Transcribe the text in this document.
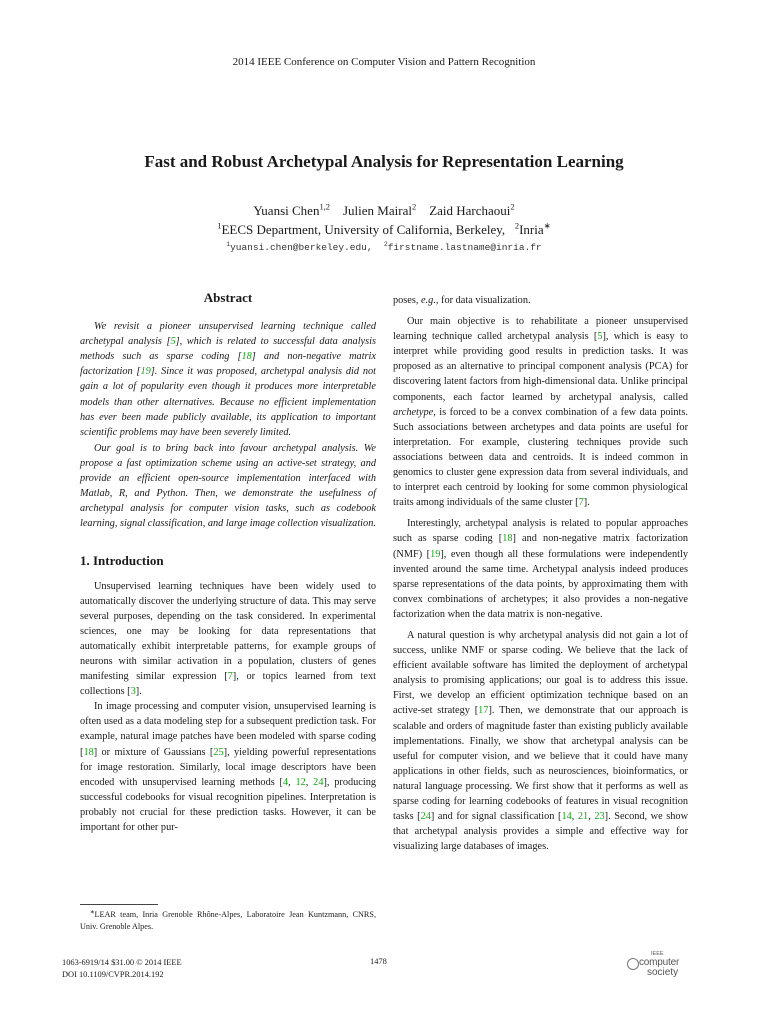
2014 IEEE Conference on Computer Vision and Pattern Recognition
Fast and Robust Archetypal Analysis for Representation Learning
Yuansi Chen$^{1,2}$ Julien Mairal$^2$ Zaid Harchaoui$^2$
$^1$EECS Department, University of California, Berkeley, $^2$Inria∗
$^1$yuansi.chen@berkeley.edu, $^2$firstname.lastname@inria.fr
Abstract

We revisit a pioneer unsupervised learning technique called archetypal analysis [5], which is related to successful data analysis methods such as sparse coding [18] and non-negative matrix factorization [19]. Since it was proposed, archetypal analysis did not gain a lot of popularity even though it produces more interpretable models than other alternatives. Because no efficient implementation has ever been made publicly available, its application to important scientific problems may have been severely limited.

Our goal is to bring back into favour archetypal analysis. We propose a fast optimization scheme using an active-set strategy, and provide an efficient open-source implementation interfaced with Matlab, R, and Python. Then, we demonstrate the usefulness of archetypal analysis for computer vision tasks, such as codebook learning, signal classification, and large image collection visualization.

1. Introduction

Unsupervised learning techniques have been widely used to automatically discover the underlying structure of data. This may serve several purposes, depending on the task considered. In experimental sciences, one may be looking for data representations that automatically exhibit interpretable patterns, for example groups of neurons with similar activation in a population, clusters of genes manifesting similar expression [7], or topics learned from text collections [3].

In image processing and computer vision, unsupervised learning is often used as a data modeling step for a subsequent prediction task. For example, natural image patches have been modeled with sparse coding [18] or mixture of Gaussians [25], yielding powerful representations for image restoration. Similarly, local image descriptors have been encoded with unsupervised learning methods [4, 12, 24], producing successful codebooks for visual recognition pipelines. Interpretation is probably not crucial for these prediction tasks. However, it can be important for other pur-

poses, e.g., for data visualization.

Our main objective is to rehabilitate a pioneer unsupervised learning technique called archetypal analysis [5], which is easy to interpret while providing good results in prediction tasks. It was proposed as an alternative to principal component analysis (PCA) for discovering latent factors from high-dimensional data. Unlike principal components, each factor learned by archetypal analysis, called archetype, is forced to be a convex combination of a few data points. Such associations between archetypes and data points are useful for interpretation. For example, clustering techniques provide such associations between data and centroids. It is indeed common in genomics to cluster gene expression data from several individuals, and to interpret each centroid by looking for some common physiological traits among individuals of the same cluster [7].

Interestingly, archetypal analysis is related to popular approaches such as sparse coding [18] and non-negative matrix factorization (NMF) [19], even though all these formulations were independently invented around the same time. Archetypal analysis indeed produces sparse representations of the data points, by approximating them with convex combinations of archetypes; it also provides a non-negative factorization when the data matrix is non-negative.

A natural question is why archetypal analysis did not gain a lot of success, unlike NMF or sparse coding. We believe that the lack of efficient available software has limited the deployment of archetypal analysis to promising applications; our goal is to address this issue. First, we develop an efficient optimization technique based on an active-set strategy [17]. Then, we demonstrate that our approach is scalable and orders of magnitude faster than existing publicly available implementations. Finally, we show that archetypal analysis can be useful for computer vision, and we believe that it could have many applications in other fields, such as neurosciences, bioinformatics, or natural language processing. We first show that it performs as well as sparse coding for learning codebooks of features in visual recognition tasks [24] and for signal classification [14, 21, 23]. Second, we show that archetypal analysis provides a simple and effective way for visualizing large databases of images.

∗LEAR team, Inria Grenoble Rhône-Alpes, Laboratoire Jean Kuntzmann, CNRS, Univ. Grenoble Alpes.

1063-6919/14 $31.00 © 2014 IEEE
DOI 10.1109/CVPR.2014.192
1478
IEEE
computer
society
